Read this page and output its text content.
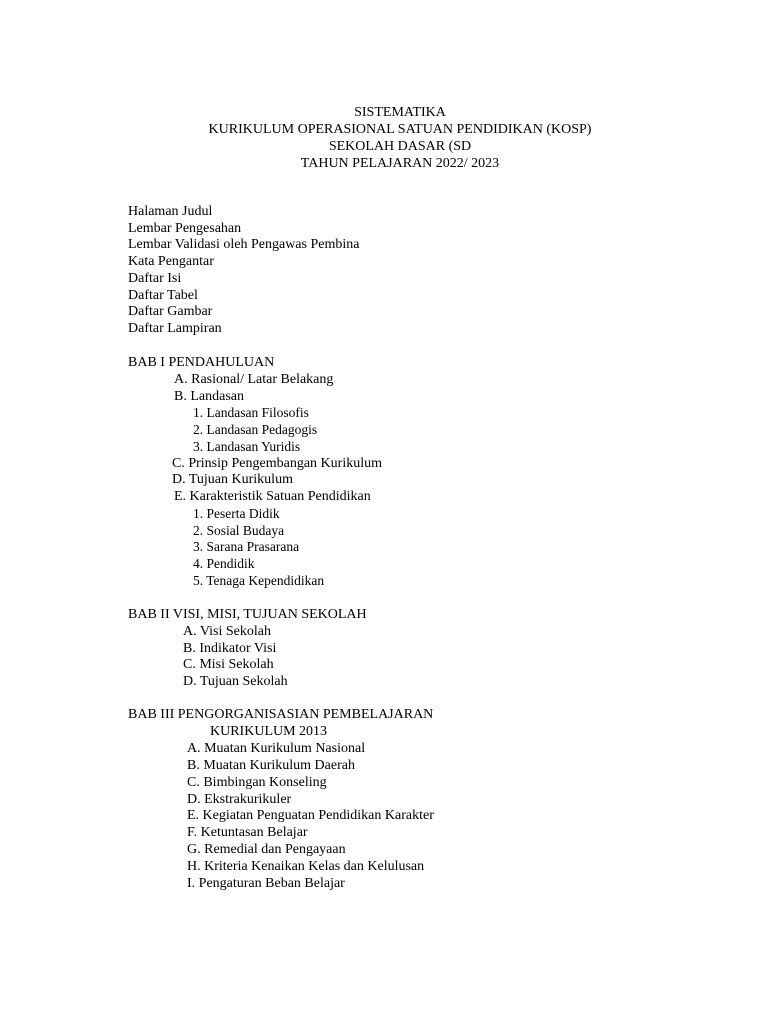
SISTEMATIKA
KURIKULUM OPERASIONAL SATUAN PENDIDIKAN (KOSP)
SEKOLAH DASAR (SD
TAHUN PELAJARAN 2022/ 2023
Halaman Judul
Lembar Pengesahan
Lembar Validasi oleh Pengawas Pembina
Kata Pengantar
Daftar Isi
Daftar Tabel
Daftar Gambar
Daftar Lampiran
BAB I PENDAHULUAN
A. Rasional/ Latar Belakang
B. Landasan
1. Landasan Filosofis
2. Landasan Pedagogis
3. Landasan Yuridis
C. Prinsip Pengembangan Kurikulum
D. Tujuan Kurikulum
E. Karakteristik Satuan Pendidikan
1. Peserta Didik
2. Sosial Budaya
3. Sarana Prasarana
4. Pendidik
5. Tenaga Kependidikan
BAB II VISI, MISI, TUJUAN SEKOLAH
A. Visi Sekolah
B. Indikator Visi
C. Misi Sekolah
D. Tujuan Sekolah
BAB III PENGORGANISASIAN PEMBELAJARAN
KURIKULUM 2013
A. Muatan Kurikulum Nasional
B. Muatan Kurikulum Daerah
C. Bimbingan Konseling
D. Ekstrakurikuler
E. Kegiatan Penguatan Pendidikan Karakter
F. Ketuntasan Belajar
G. Remedial dan Pengayaan
H. Kriteria Kenaikan Kelas dan Kelulusan
I. Pengaturan Beban Belajar
